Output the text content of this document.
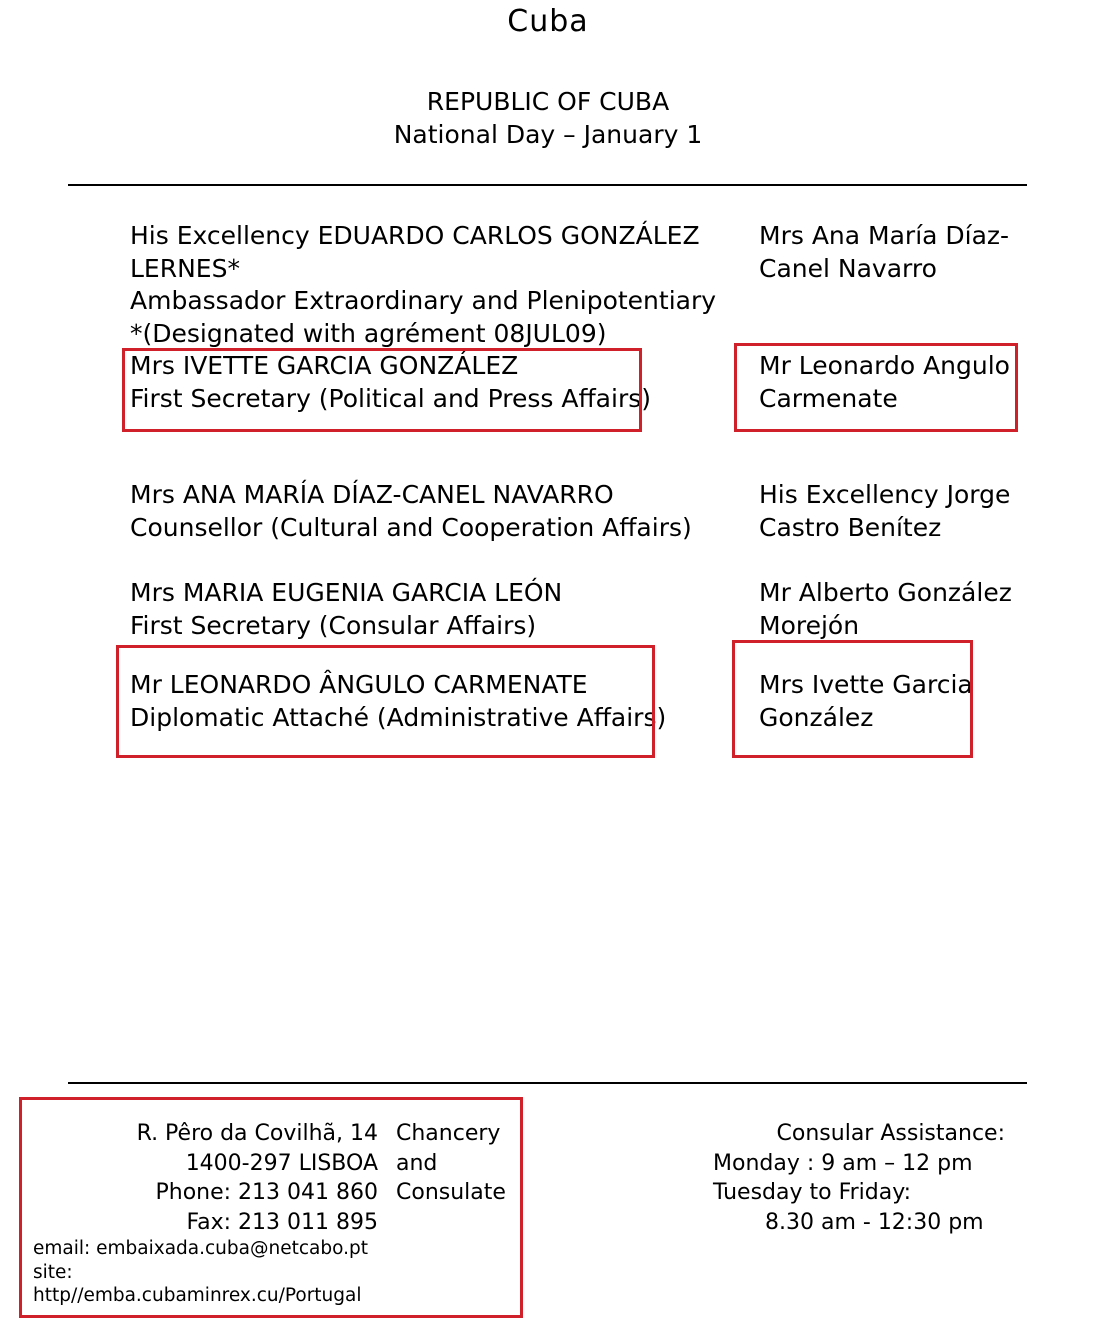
Cuba
REPUBLIC OF CUBA
National Day – January 1
His Excellency EDUARDO CARLOS GONZÁLEZ LERNES*
Ambassador Extraordinary and Plenipotentiary
*(Designated with agrément 08JUL09)
Mrs Ana María Díaz-
Canel Navarro
Mrs IVETTE GARCIA GONZÁLEZ
First Secretary (Political and Press Affairs)
Mr Leonardo Angulo
Carmenate
Mrs ANA MARÍA DÍAZ-CANEL NAVARRO
Counsellor (Cultural and Cooperation Affairs)
His Excellency Jorge
Castro Benítez
Mrs MARIA EUGENIA GARCIA LEÓN
First Secretary (Consular Affairs)
Mr Alberto González
Morejón
Mr LEONARDO ÂNGULO CARMENATE
Diplomatic Attaché (Administrative Affairs)
Mrs Ivette Garcia
González
R. Pêro da Covilhã, 14
1400-297 LISBOA
Phone: 213 041 860
Fax: 213 011 895
Chancery
and
Consulate
email: embaixada.cuba@netcabo.pt
site:
http//emba.cubaminrex.cu/Portugal
Consular Assistance:
Monday : 9 am – 12 pm
Tuesday to Friday:
8.30 am - 12:30 pm
